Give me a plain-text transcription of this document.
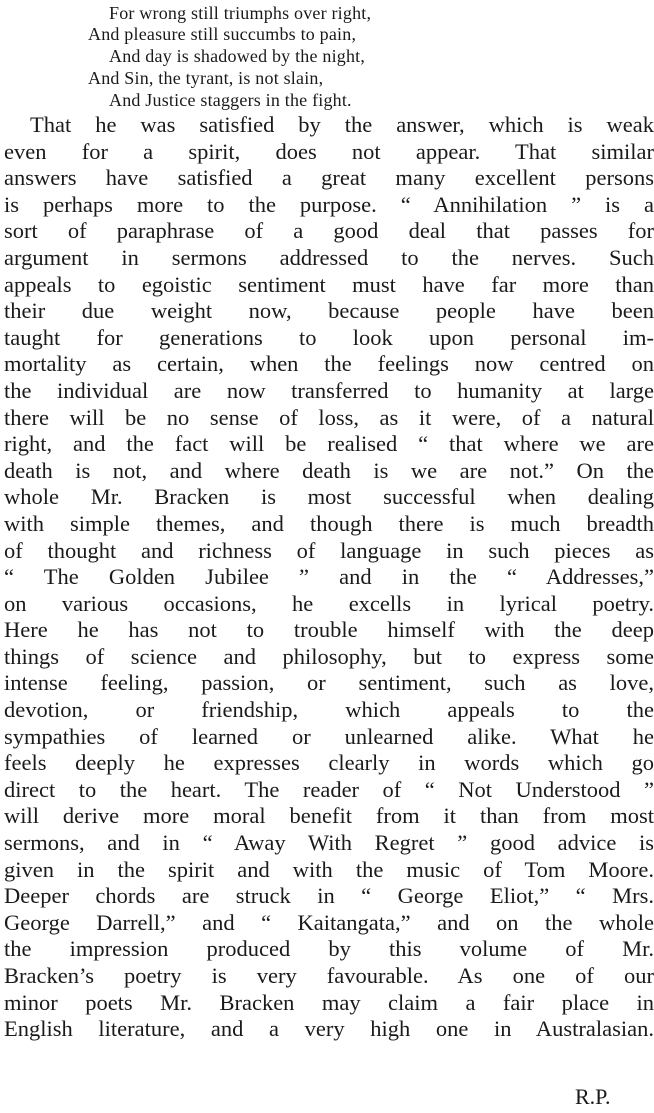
For wrong still triumphs over right,
And pleasure still succumbs to pain,
And day is shadowed by the night,
And Sin, the tyrant, is not slain,
And Justice staggers in the fight.
That he was satisfied by the answer, which is weak
even for a spirit, does not appear. That similar
answers have satisfied a great many excellent persons
is perhaps more to the purpose. “ Annihilation ” is a
sort of paraphrase of a good deal that passes for
argument in sermons addressed to the nerves. Such
appeals to egoistic sentiment must have far more than
their due weight now, because people have been
taught for generations to look upon personal im-
mortality as certain, when the feelings now centred on
the individual are now transferred to humanity at large
there will be no sense of loss, as it were, of a natural
right, and the fact will be realised “ that where we are
death is not, and where death is we are not.” On the
whole Mr. Bracken is most successful when dealing
with simple themes, and though there is much breadth
of thought and richness of language in such pieces as
“ The Golden Jubilee ” and in the “ Addresses,”
on various occasions, he excells in lyrical poetry.
Here he has not to trouble himself with the deep
things of science and philosophy, but to express some
intense feeling, passion, or sentiment, such as love,
devotion, or friendship, which appeals to the
sympathies of learned or unlearned alike. What he
feels deeply he expresses clearly in words which go
direct to the heart. The reader of “ Not Understood ”
will derive more moral benefit from it than from most
sermons, and in “ Away With Regret ” good advice is
given in the spirit and with the music of Tom Moore.
Deeper chords are struck in “ George Eliot,” “ Mrs.
George Darrell,” and “ Kaitangata,” and on the whole
the impression produced by this volume of Mr.
Bracken’s poetry is very favourable. As one of our
minor poets Mr. Bracken may claim a fair place in
English literature, and a very high one in Australasian.
R.P.
